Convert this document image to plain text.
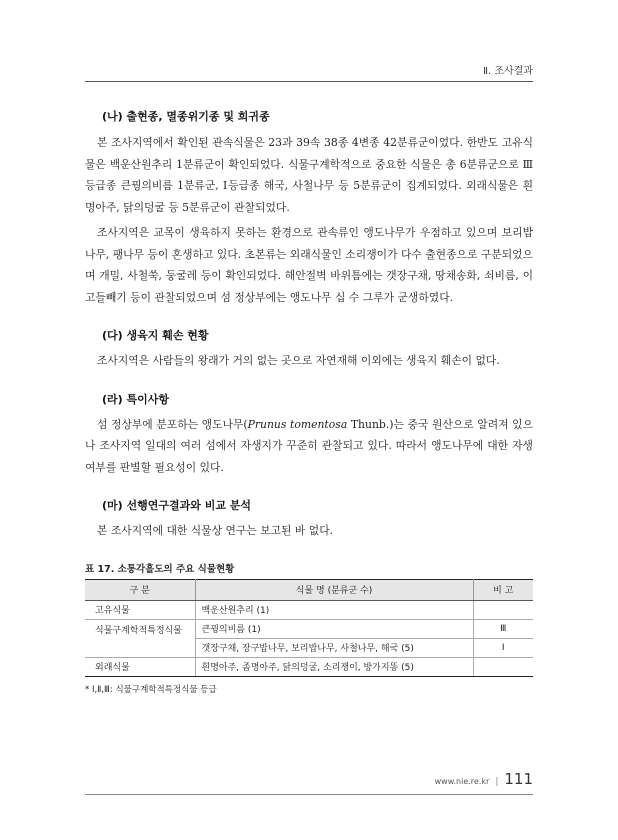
Ⅱ. 조사결과
(나) 출현종, 멸종위기종 및 희귀종

본 조사지역에서 확인된 관속식물은 23과 39속 38종 4변종 42분류군이었다. 한반도 고유식물은 백운산원추리 1분류군이 확인되었다. 식물구계학적으로 중요한 식물은 총 6분류군으로 Ⅲ등급종 큰꿩의비름 1분류군, Ⅰ등급종 해국, 사철나무 등 5분류군이 집계되었다. 외래식물은 흰명아주, 닭의덩굴 등 5분류군이 관찰되었다.

조사지역은 교목이 생육하지 못하는 환경으로 관속류인 앵도나무가 우점하고 있으며 보리밥나무, 팽나무 등이 혼생하고 있다. 초본류는 외래식물인 소리쟁이가 다수 출현종으로 구분되었으며 개밀, 사철쑥, 둥굴레 등이 확인되었다. 해안절벽 바위틈에는 갯장구채, 땅채송화, 쇠비름, 이고들빼기 등이 관찰되었으며 섬 정상부에는 앵도나무 십 수 그루가 군생하였다.

(다) 생육지 훼손 현황

조사지역은 사람들의 왕래가 거의 없는 곳으로 자연재해 이외에는 생육지 훼손이 없다.

(라) 특이사항

섬 정상부에 분포하는 앵도나무(Prunus tomentosa Thunb.)는 중국 원산으로 알려져 있으나 조사지역 일대의 여러 섬에서 자생지가 꾸준히 관찰되고 있다. 따라서 앵도나무에 대한 자생여부를 판별할 필요성이 있다.

(마) 선행연구결과와 비교 분석

본 조사지역에 대한 식물상 연구는 보고된 바 없다.

표 17. 소통각흘도의 주요 식물현황
구 분	식물 명 (분류군 수)	비 고
고유식물	백운산원추리 (1)	
식물구계학적특정식물	큰꿩의비름 (1)	Ⅲ
	갯장구채, 장구밥나무, 보리밥나무, 사철나무, 해국 (5)	Ⅰ
외래식물	흰명아주, 좀명아주, 닭의덩굴, 소리쟁이, 방가지똥 (5)	
* Ⅰ,Ⅱ,Ⅲ: 식물구계학적특정식물 등급
www.nie.re.kr | 111
